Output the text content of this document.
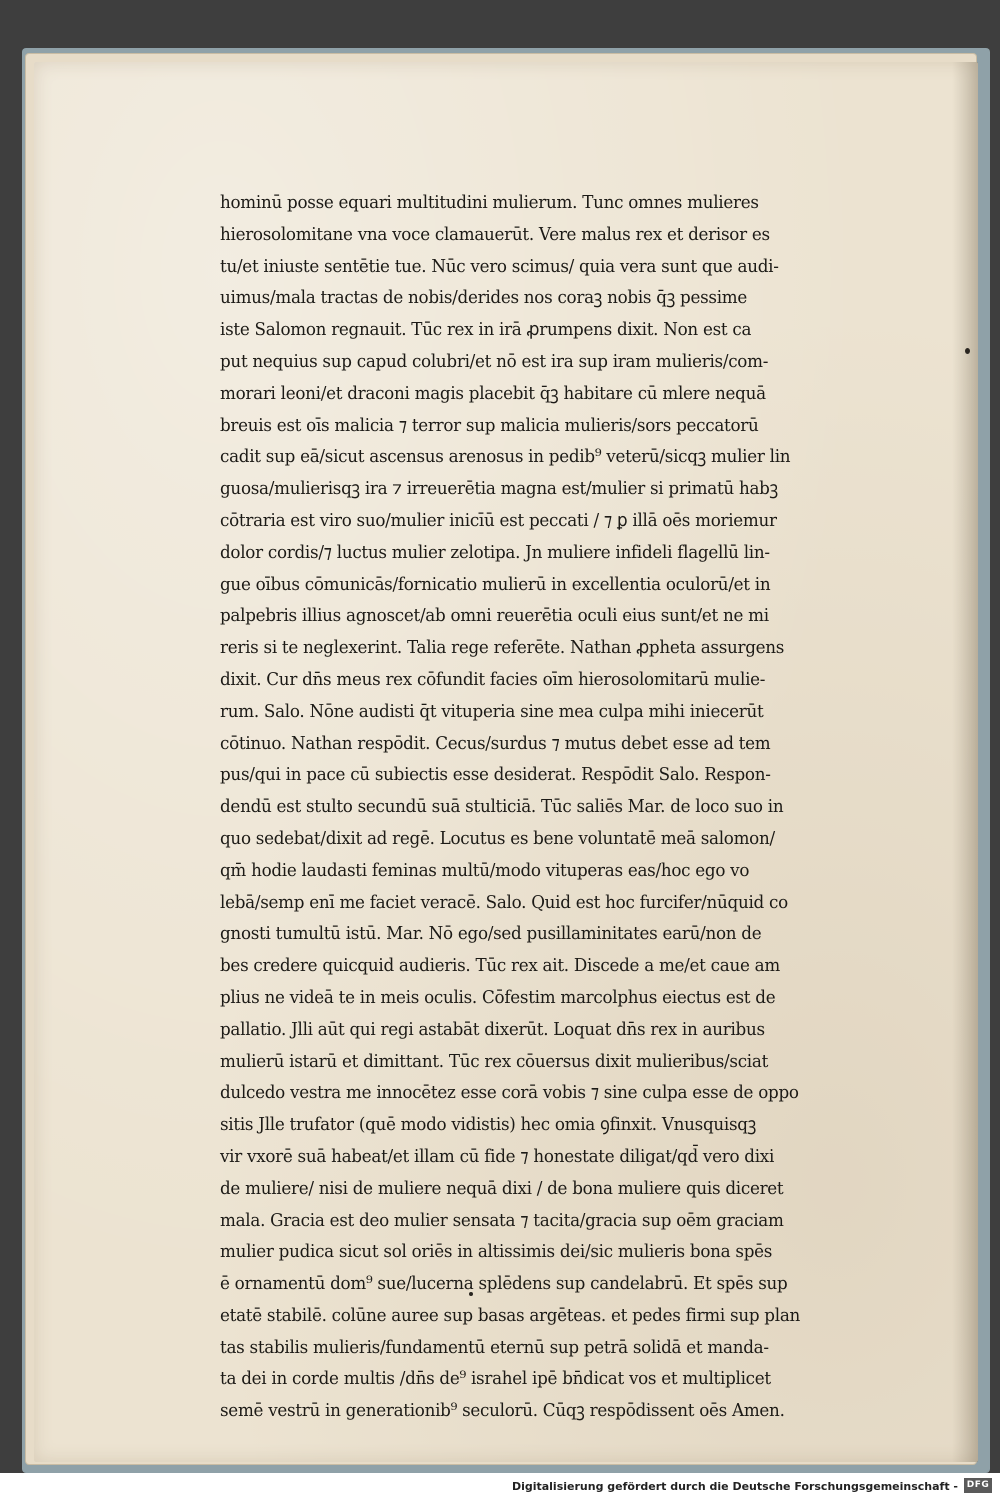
hominū posse equari multitudini mulierum. Tunc omnes mulieres
hierosolomitane vna voce clamauerūt. Vere malus rex et derisor es
tu/et iniuste sentētie tue. Nūc vero scimus/ quia vera sunt que audi-
uimus/mala tractas de nobis/derides nos coraꝫ nobis q̄ꝫ pessime
iste Salomon regnauit. Tūc rex in irā ꝓrumpens dixit. Non est ca
put nequius sup capud colubri/et nō est ira sup iram mulieris/com-
morari leoni/et draconi magis placebit q̄ꝫ habitare cū mlere nequā
breuis est oīs malicia ⁊ terror sup malicia mulieris/sors peccatorū
cadit sup eā/sicut ascensus arenosus in pedib⁹ veterū/sicqꝫ mulier lin
guosa/mulierisqꝫ ira ⁊ irreuerētia magna est/mulier si primatū habꝫ
cōtraria est viro suo/mulier inicīū est peccati / ⁊ ꝑ illā oēs moriemur
dolor cordis/⁊ luctus mulier zelotipa. Jn muliere infideli flagellū lin-
gue oībus cōmunicās/fornicatio mulierū in excellentia oculorū/et in
palpebris illius agnoscet/ab omni reuerētia oculi eius sunt/et ne mi
reris si te neglexerint. Talia rege referēte. Nathan ꝓpheta assurgens
dixit. Cur dn̄s meus rex cōfundit facies oīm hierosolomitarū mulie-
rum. Salo. Nōne audisti q̄t vituperia sine mea culpa mihi iniecerūt
cōtinuo. Nathan respōdit. Cecus/surdus ⁊ mutus debet esse ad tem
pus/qui in pace cū subiectis esse desiderat. Respōdit Salo. Respon-
dendū est stulto secundū suā stulticiā. Tūc saliēs Mar. de loco suo in
quo sedebat/dixit ad regē. Locutus es bene voluntatē meā salomon/
qm̄ hodie laudasti feminas multū/modo vituperas eas/hoc ego vo
lebā/semp enī me faciet veracē. Salo. Quid est hoc furcifer/nūquid co
gnosti tumultū istū. Mar. Nō ego/sed pusillaminitates earū/non de
bes credere quicquid audieris. Tūc rex ait. Discede a me/et caue am
plius ne videā te in meis oculis. Cōfestim marcolphus eiectus est de
pallatio. Jlli aūt qui regi astabāt dixerūt. Loquat dn̄s rex in auribus
mulierū istarū et dimittant. Tūc rex cōuersus dixit mulieribus/sciat
dulcedo vestra me innocētez esse corā vobis ⁊ sine culpa esse de oppo
sitis Jlle trufator (quē modo vidistis) hec omia ꝯfinxit. Vnusquisqꝫ
vir vxorē suā habeat/et illam cū fide ⁊ honestate diligat/qd̄ vero dixi
de muliere/ nisi de muliere nequā dixi / de bona muliere quis diceret
mala. Gracia est deo mulier sensata ⁊ tacita/gracia sup oēm graciam
mulier pudica sicut sol oriēs in altissimis dei/sic mulieris bona spēs
ē ornamentū dom⁹ sue/lucerna splēdens sup candelabrū. Et spēs sup
etatē stabilē. colūne auree sup basas argēteas. et pedes firmi sup plan
tas stabilis mulieris/fundamentū eternū sup petrā solidā et manda-
ta dei in corde multis /dn̄s de⁹ israhel ipē bn̄dicat vos et multiplicet
semē vestrū in generationib⁹ seculorū. Cūqꝫ respōdissent oēs Amen.
Digitalisierung gefördert durch die Deutsche Forschungsgemeinschaft - DFG
